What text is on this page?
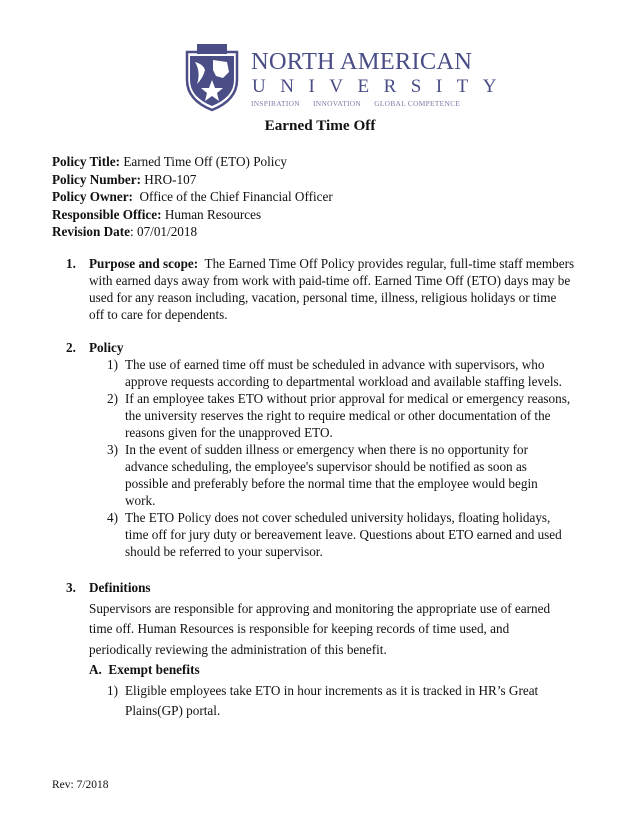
NORTH AMERICAN
UNIVERSITY
INSPIRATION INNOVATION GLOBAL COMPETENCE
Earned Time Off
Policy Title: Earned Time Off (ETO) Policy
Policy Number: HRO-107
Policy Owner:  Office of the Chief Financial Officer
Responsible Office: Human Resources
Revision Date: 07/01/2018
1. Purpose and scope:  The Earned Time Off Policy provides regular, full-time staff members
with earned days away from work with paid-time off. Earned Time Off (ETO) days may be
used for any reason including, vacation, personal time, illness, religious holidays or time
off to care for dependents.
2. Policy
1) The use of earned time off must be scheduled in advance with supervisors, who
approve requests according to departmental workload and available staffing levels.
2) If an employee takes ETO without prior approval for medical or emergency reasons,
the university reserves the right to require medical or other documentation of the
reasons given for the unapproved ETO.
3) In the event of sudden illness or emergency when there is no opportunity for
advance scheduling, the employee's supervisor should be notified as soon as
possible and preferably before the normal time that the employee would begin
work.
4) The ETO Policy does not cover scheduled university holidays, floating holidays,
time off for jury duty or bereavement leave. Questions about ETO earned and used
should be referred to your supervisor.
3. Definitions
Supervisors are responsible for approving and monitoring the appropriate use of earned
time off. Human Resources is responsible for keeping records of time used, and
periodically reviewing the administration of this benefit.
A.  Exempt benefits
1) Eligible employees take ETO in hour increments as it is tracked in HR’s Great
Plains(GP) portal.
Rev: 7/2018
